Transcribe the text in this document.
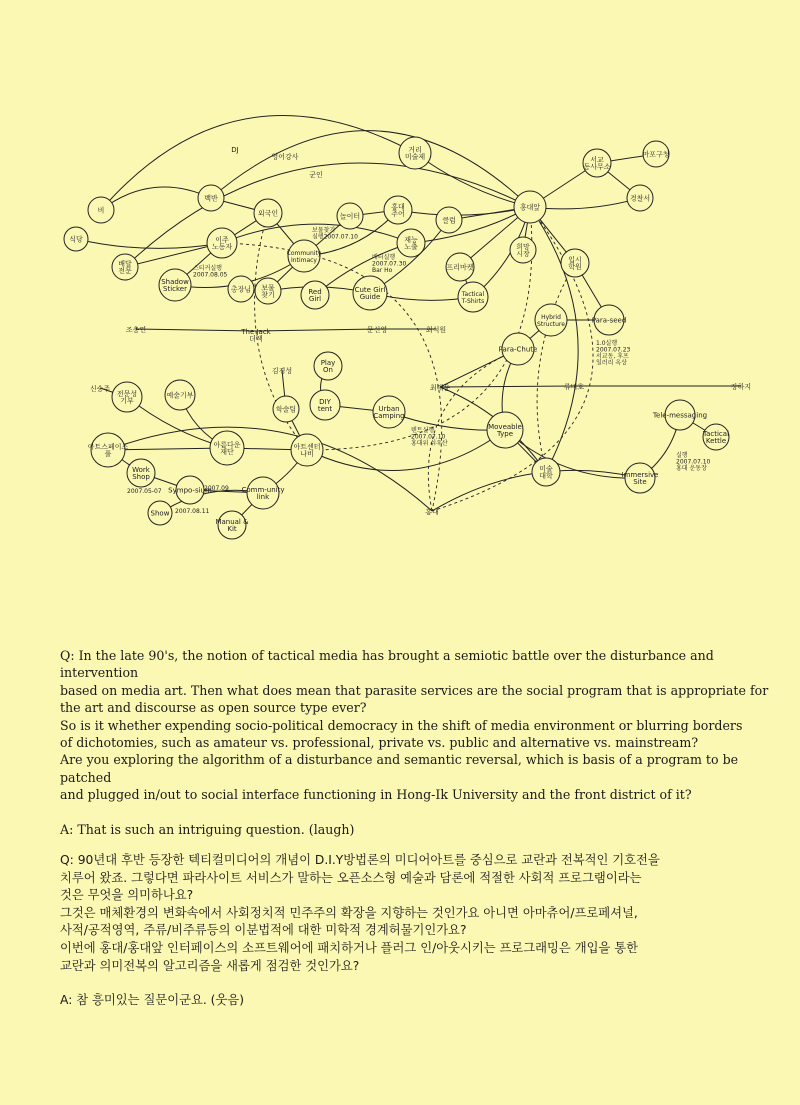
비
식당
배달 전문
백반
이주 노동자
외국인
Shadow Sticker
Community Intimacy
놀이터
홍대 주어
거리 미술제
홍대앞
서교 동사무소
마포구청
경찰서
클럽
재능 노출
프리마켓
희망 시장
입시 학원
총장님 보물 찾기	Red Girl
Cute Girl Guide	Tactical T-Shirts
Hybrid Structure	Para-seed
Para-Chute
Play On
전문성 기부
예술기부
학술팀
DIY tent	Urban Camping
Moveable Type
Tele-messaging
Tactical Kettle
아트스페이스 풀
아름다운 재단
아트센터 나비
Work Shop
Sympo-sium	Comm-unity link
Show
Manual & Kit
미술 대학	Immersive Site
DJ
영어강사
군인
조충연	The Jack 더잭
문신영	최석원
김경성
최태윤	류비호	장하지
신승주
홍대
스티커실행 2007.08.05
보물찾기 실행2007.07.10
배터실행 2007.07.30 Bar Ho
1.0실행 2007.07.23 서교동, 후프 일러리 옥상
텐트실행 2007.07.10 홍대위 쉬우산
실행 2007.07.10 홍대 운동장
2007.05-07	2007.09
2007.08.11

Q: In the late 90's, the notion of tactical media has brought a semiotic battle over the disturbance and intervention

based on media art. Then what does mean that parasite services are the social program that is appropriate for

the art and discourse as open source type ever?

So is it whether expending socio-political democracy in the shift of media environment or blurring borders

of dichotomies, such as amateur vs. professional, private vs. public and alternative vs. mainstream?

Are you exploring the algorithm of a disturbance and semantic reversal, which is basis of a program to be patched

and plugged in/out to social interface functioning in Hong-Ik University and the front district of it?

A: That is such an intriguing question. (laugh)

Q: 90년대 후반 등장한 텍티컬미디어의 개념이 D.I.Y방법론의 미디어아트를 중심으로 교란과 전복적인 기호전을

치루어 왔죠. 그렇다면 파라사이트 서비스가 말하는 오픈소스형 예술과 담론에 적절한 사회적 프로그램이라는

것은 무엇을 의미하나요?

그것은 매체환경의 변화속에서 사회정치적 민주주의 확장을 지향하는 것인가요 아니면 아마츄어/프로페셔널,

사적/공적영역, 주류/비주류등의 이분법적에 대한 미학적 경계허물기인가요?

이번에 홍대/홍대앞 인터페이스의 소프트웨어에 패치하거나 플러그 인/아웃시키는 프로그래밍은 개입을 통한

교란과 의미전복의 알고리즘을 새롭게 점검한 것인가요?

A: 참 흥미있는 질문이군요. (웃음)
